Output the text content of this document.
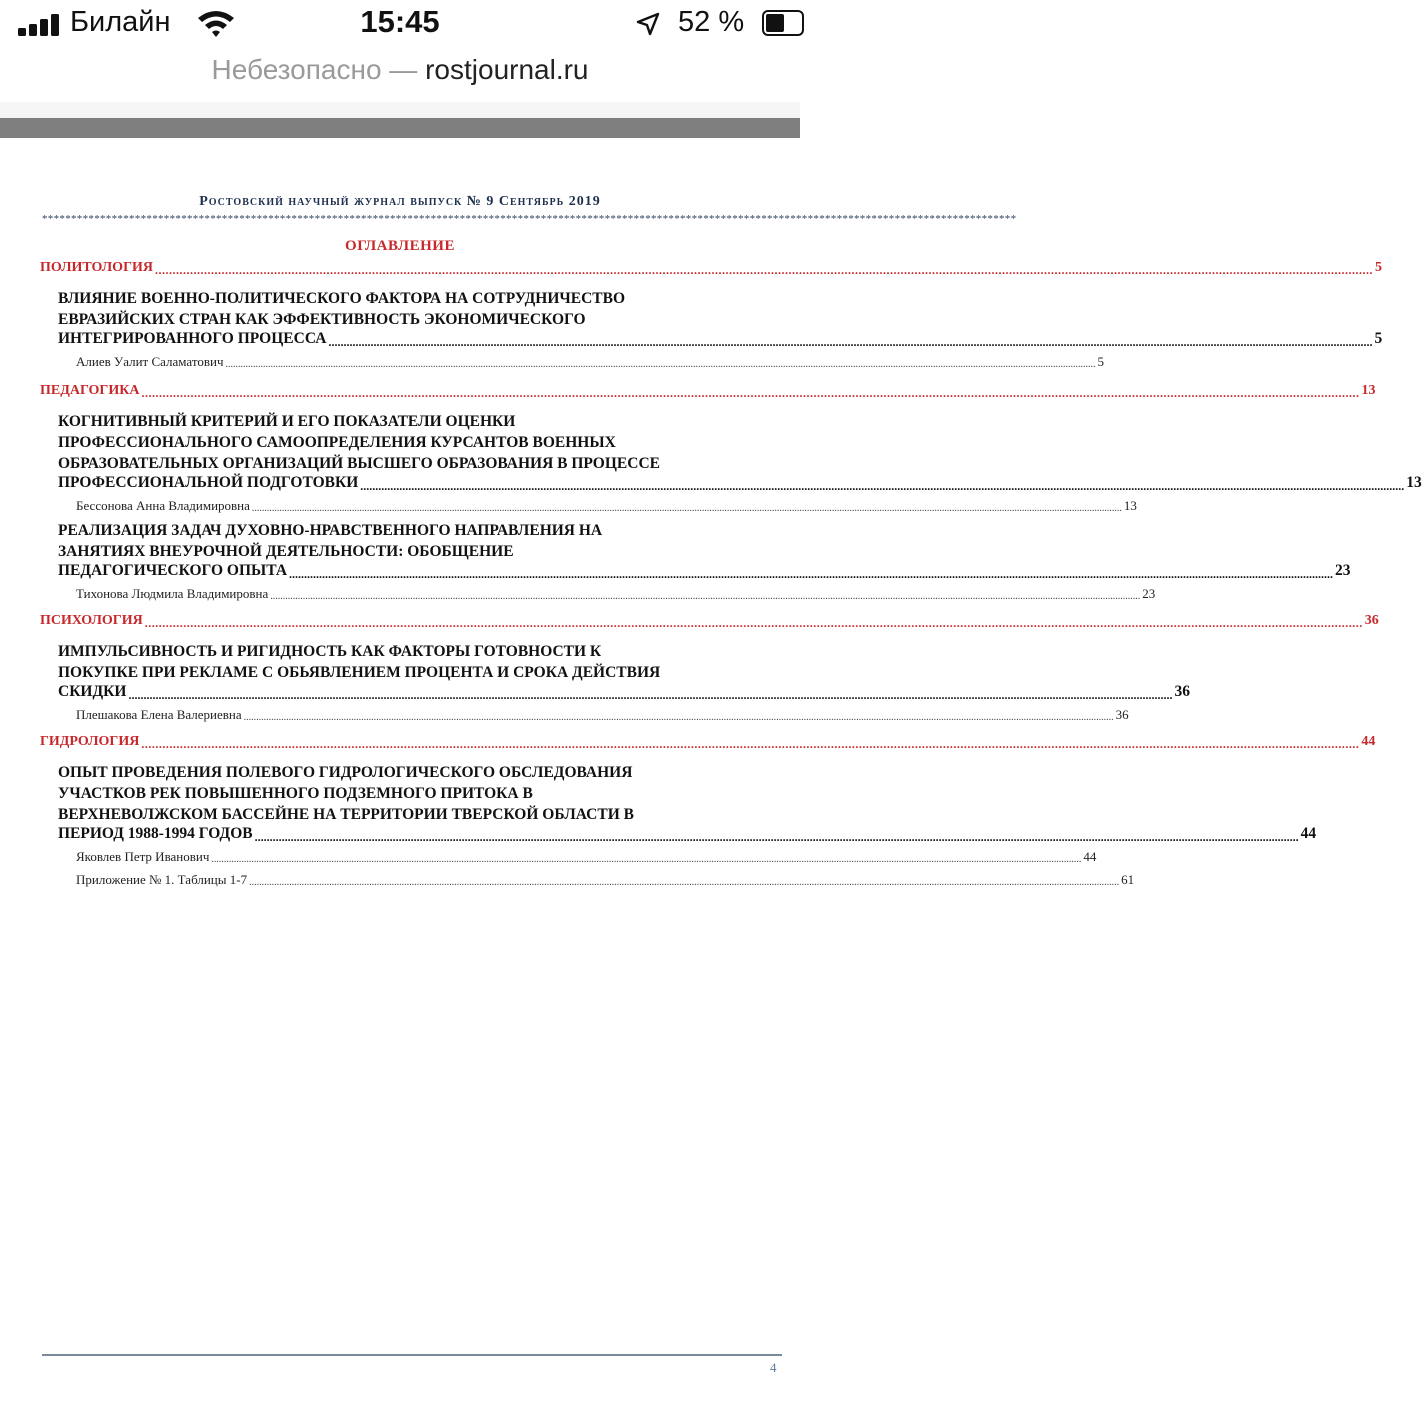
Билайн	15:45	52 %
Небезопасно — rostjournal.ru
Ростовский научный журнал выпуск № 9 Сентябрь 2019
************************************************************************************************************************************************************************
ОГЛАВЛЕНИЕ
ПОЛИТОЛОГИЯ .....	5
ВЛИЯНИЕ ВОЕННО-ПОЛИТИЧЕСКОГО ФАКТОРА НА СОТРУДНИЧЕСТВО
ЕВРАЗИЙСКИХ СТРАН КАК ЭФФЕКТИВНОСТЬ ЭКОНОМИЧЕСКОГО
ИНТЕГРИРОВАННОГО ПРОЦЕССА .....	5
Алиев Уалит Саламатович .....	5
ПЕДАГОГИКА .....	13
КОГНИТИВНЫЙ КРИТЕРИЙ И ЕГО ПОКАЗАТЕЛИ ОЦЕНКИ
ПРОФЕССИОНАЛЬНОГО САМООПРЕДЕЛЕНИЯ КУРСАНТОВ ВОЕННЫХ
ОБРАЗОВАТЕЛЬНЫХ ОРГАНИЗАЦИЙ ВЫСШЕГО ОБРАЗОВАНИЯ В ПРОЦЕССЕ
ПРОФЕССИОНАЛЬНОЙ ПОДГОТОВКИ .....	13
Бессонова Анна Владимировна .....	13
РЕАЛИЗАЦИЯ ЗАДАЧ ДУХОВНО-НРАВСТВЕННОГО НАПРАВЛЕНИЯ НА
ЗАНЯТИЯХ ВНЕУРОЧНОЙ ДЕЯТЕЛЬНОСТИ: ОБОБЩЕНИЕ
ПЕДАГОГИЧЕСКОГО ОПЫТА .....	23
Тихонова Людмила Владимировна .....	23
ПСИХОЛОГИЯ .....	36
ИМПУЛЬСИВНОСТЬ И РИГИДНОСТЬ КАК ФАКТОРЫ ГОТОВНОСТИ К
ПОКУПКЕ ПРИ РЕКЛАМЕ С ОБЬЯВЛЕНИЕМ ПРОЦЕНТА И СРОКА ДЕЙСТВИЯ
СКИДКИ .....	36
Плешакова Елена Валериевна .....	36
ГИДРОЛОГИЯ .....	44
ОПЫТ ПРОВЕДЕНИЯ ПОЛЕВОГО ГИДРОЛОГИЧЕСКОГО ОБСЛЕДОВАНИЯ
УЧАСТКОВ РЕК ПОВЫШЕННОГО ПОДЗЕМНОГО ПРИТОКА В
ВЕРХНЕВОЛЖСКОМ БАССЕЙНЕ НА ТЕРРИТОРИИ ТВЕРСКОЙ ОБЛАСТИ В
ПЕРИОД 1988-1994 ГОДОВ .....	44
Яковлев Петр Иванович .....	44
Приложение № 1. Таблицы 1-7 .....	61
4
